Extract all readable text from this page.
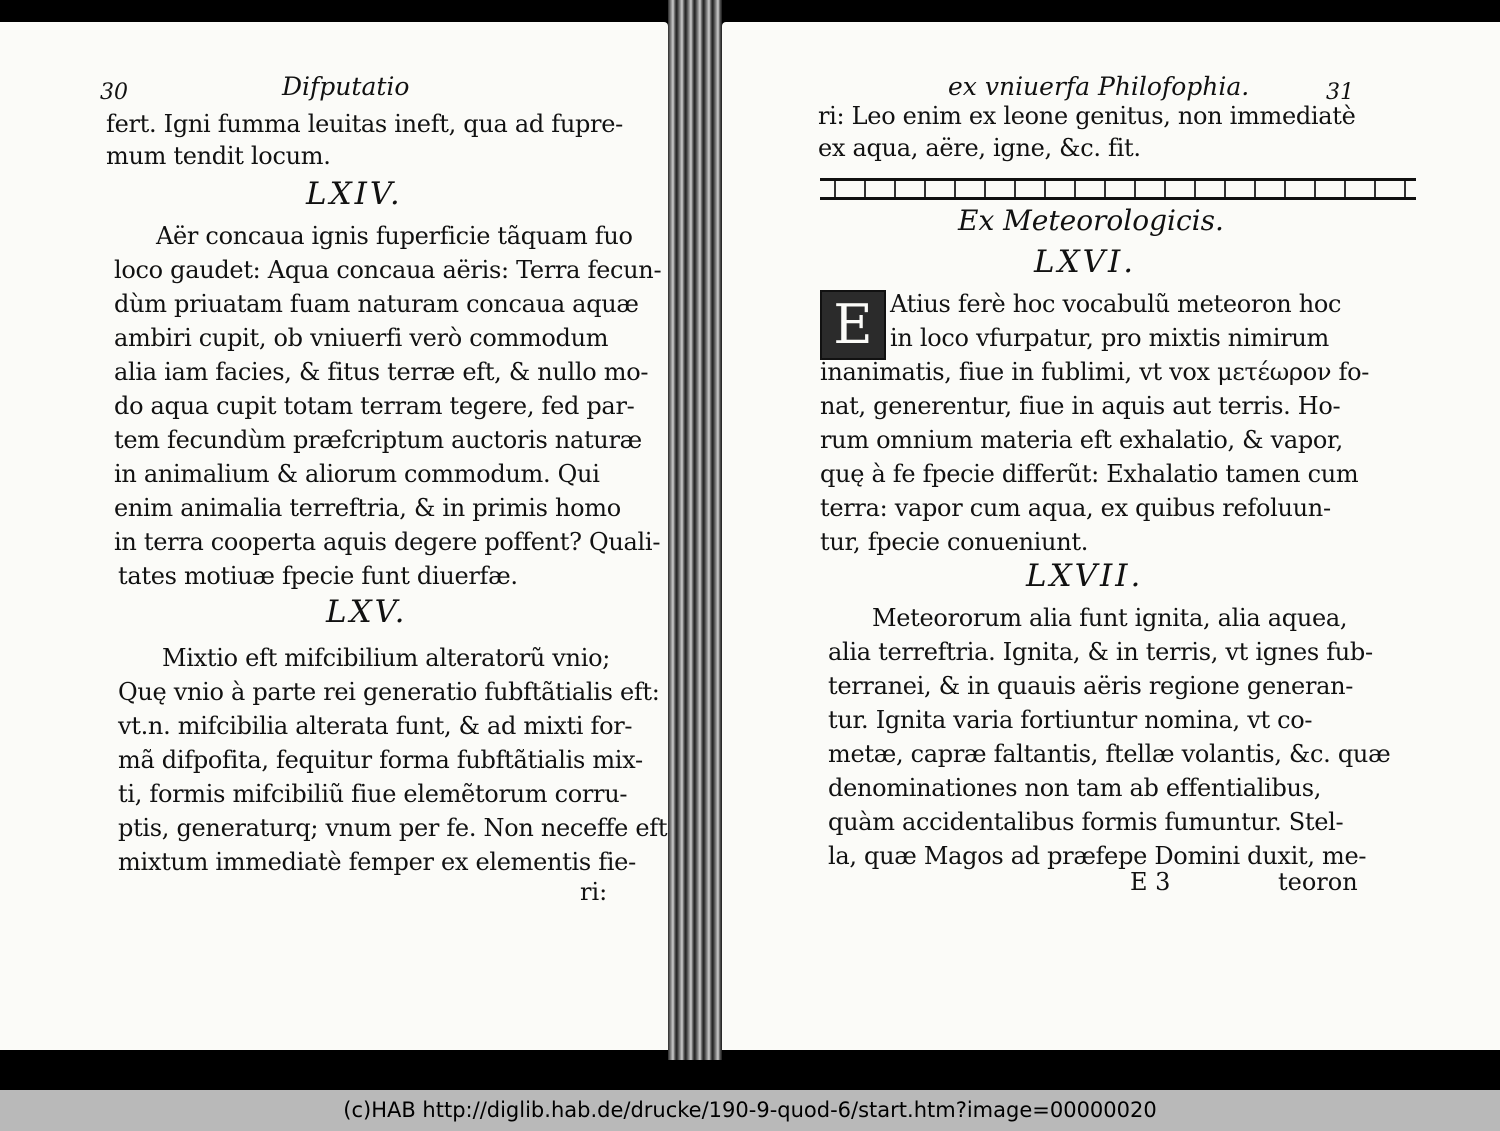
30	Difputatio
fert. Igni fumma leuitas ineft, qua ad fupre-
mum tendit locum.
LXIV.
Aër concaua ignis fuperficie tãquam fuo
loco gaudet: Aqua concaua aëris: Terra fecun-
dùm priuatam fuam naturam concaua aquæ
ambiri cupit, ob vniuerfi verò commodum
alia iam facies, & fitus terræ eft, & nullo mo-
do aqua cupit totam terram tegere, fed par-
tem fecundùm præfcriptum auctoris naturæ
in animalium & aliorum commodum. Qui
enim animalia terreftria, & in primis homo
in terra cooperta aquis degere poffent? Quali-
tates motiuæ fpecie funt diuerfæ.
LXV.
Mixtio eft mifcibilium alteratorũ vnio;
Quę vnio à parte rei generatio fubftãtialis eft:
vt.n. mifcibilia alterata funt, & ad mixti for-
mã difpofita, fequitur forma fubftãtialis mix-
ti, formis mifcibiliũ fiue elemẽtorum corru-
ptis, generaturq; vnum per fe. Non neceffe eft
mixtum immediatè femper ex elementis fie-
ri:
ex vniuerfa Philofophia.	31
ri: Leo enim ex leone genitus, non immediatè
ex aqua, aëre, igne, &c. fit.
Ex Meteorologicis.
LXVI.
E Atius ferè hoc vocabulũ meteoron hoc
in loco vfurpatur, pro mixtis nimirum
inanimatis, fiue in fublimi, vt vox μετέωρον fo-
nat, generentur, fiue in aquis aut terris. Ho-
rum omnium materia eft exhalatio, & vapor,
quę à fe fpecie differũt: Exhalatio tamen cum
terra: vapor cum aqua, ex quibus refoluun-
tur, fpecie conueniunt.
LXVII.
Meteororum alia funt ignita, alia aquea,
alia terreftria. Ignita, & in terris, vt ignes fub-
terranei, & in quauis aëris regione generan-
tur. Ignita varia fortiuntur nomina, vt co-
metæ, capræ faltantis, ftellæ volantis, &c. quæ
denominationes non tam ab effentialibus,
quàm accidentalibus formis fumuntur. Stel-
la, quæ Magos ad præfepe Domini duxit, me-
E 3	teoron
(c)HAB http://diglib.hab.de/drucke/190-9-quod-6/start.htm?image=00000020
